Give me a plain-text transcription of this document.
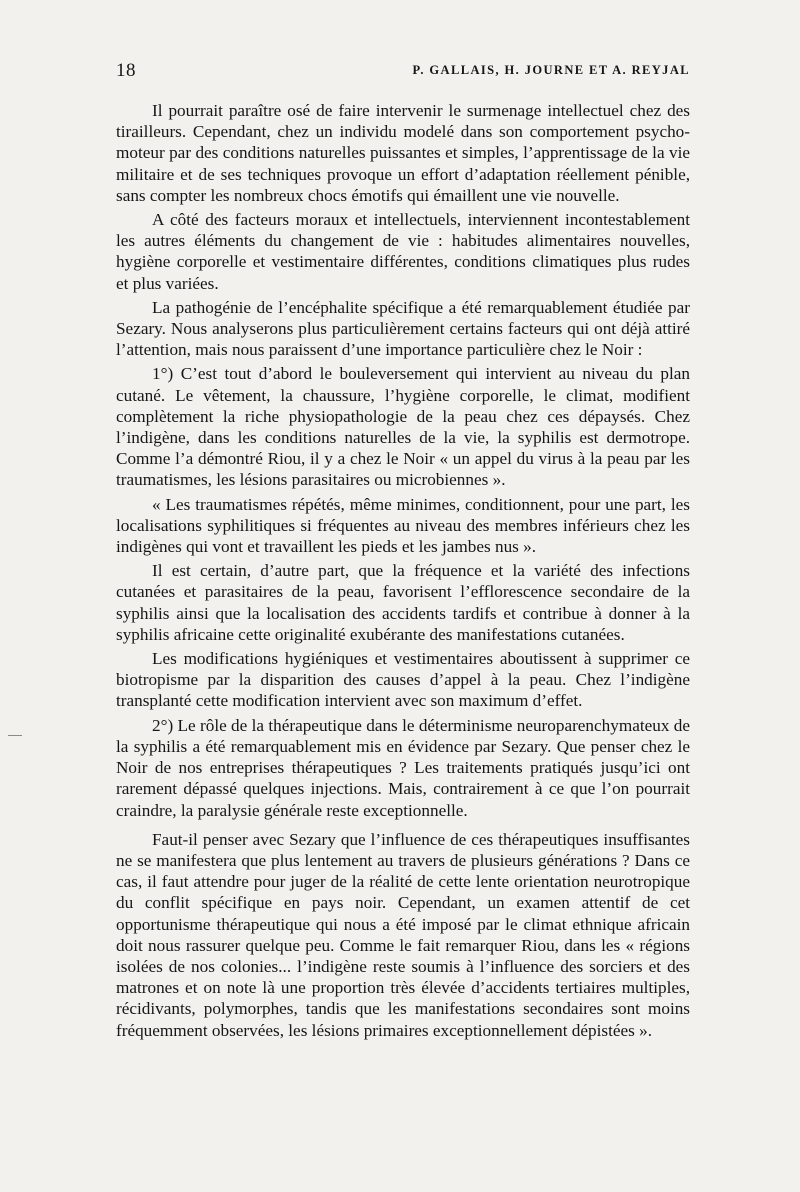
18	P. GALLAIS, H. JOURNE ET A. REYJAL

Il pourrait paraître osé de faire intervenir le surmenage intellectuel chez des tirailleurs. Cependant, chez un individu modelé dans son comportement psycho-moteur par des conditions naturelles puissantes et simples, l’apprentissage de la vie militaire et de ses techniques provoque un effort d’adaptation réellement pénible, sans compter les nombreux chocs émotifs qui émaillent une vie nouvelle.

A côté des facteurs moraux et intellectuels, interviennent incontestablement les autres éléments du changement de vie : habitudes alimentaires nouvelles, hygiène corporelle et vestimentaire différentes, conditions climatiques plus rudes et plus variées.

La pathogénie de l’encéphalite spécifique a été remarquablement étudiée par Sezary. Nous analyserons plus particulièrement certains facteurs qui ont déjà attiré l’attention, mais nous paraissent d’une importance particulière chez le Noir :

1°) C’est tout d’abord le bouleversement qui intervient au niveau du plan cutané. Le vêtement, la chaussure, l’hygiène corporelle, le climat, modifient complètement la riche physiopathologie de la peau chez ces dépaysés. Chez l’indigène, dans les conditions naturelles de la vie, la syphilis est dermotrope. Comme l’a démontré Riou, il y a chez le Noir « un appel du virus à la peau par les traumatismes, les lésions parasitaires ou microbiennes ».

« Les traumatismes répétés, même minimes, conditionnent, pour une part, les localisations syphilitiques si fréquentes au niveau des membres inférieurs chez les indigènes qui vont et travaillent les pieds et les jambes nus ».

Il est certain, d’autre part, que la fréquence et la variété des infections cutanées et parasitaires de la peau, favorisent l’efflorescence secondaire de la syphilis ainsi que la localisation des accidents tardifs et contribue à donner à la syphilis africaine cette originalité exubérante des manifestations cutanées.

Les modifications hygiéniques et vestimentaires aboutissent à supprimer ce biotropisme par la disparition des causes d’appel à la peau. Chez l’indigène transplanté cette modification intervient avec son maximum d’effet.

2°) Le rôle de la thérapeutique dans le déterminisme neuroparenchymateux de la syphilis a été remarquablement mis en évidence par Sezary. Que penser chez le Noir de nos entreprises thérapeutiques ? Les traitements pratiqués jusqu’ici ont rarement dépassé quelques injections. Mais, contrairement à ce que l’on pourrait craindre, la paralysie générale reste exceptionnelle.

Faut-il penser avec Sezary que l’influence de ces thérapeutiques insuffisantes ne se manifestera que plus lentement au travers de plusieurs générations ? Dans ce cas, il faut attendre pour juger de la réalité de cette lente orientation neurotropique du conflit spécifique en pays noir. Cependant, un examen attentif de cet opportunisme thérapeutique qui nous a été imposé par le climat ethnique africain doit nous rassurer quelque peu. Comme le fait remarquer Riou, dans les « régions isolées de nos colonies... l’indigène reste soumis à l’influence des sorciers et des matrones et on note là une proportion très élevée d’accidents tertiaires multiples, récidivants, polymorphes, tandis que les manifestations secondaires sont moins fréquemment observées, les lésions primaires exceptionnellement dépistées ».
